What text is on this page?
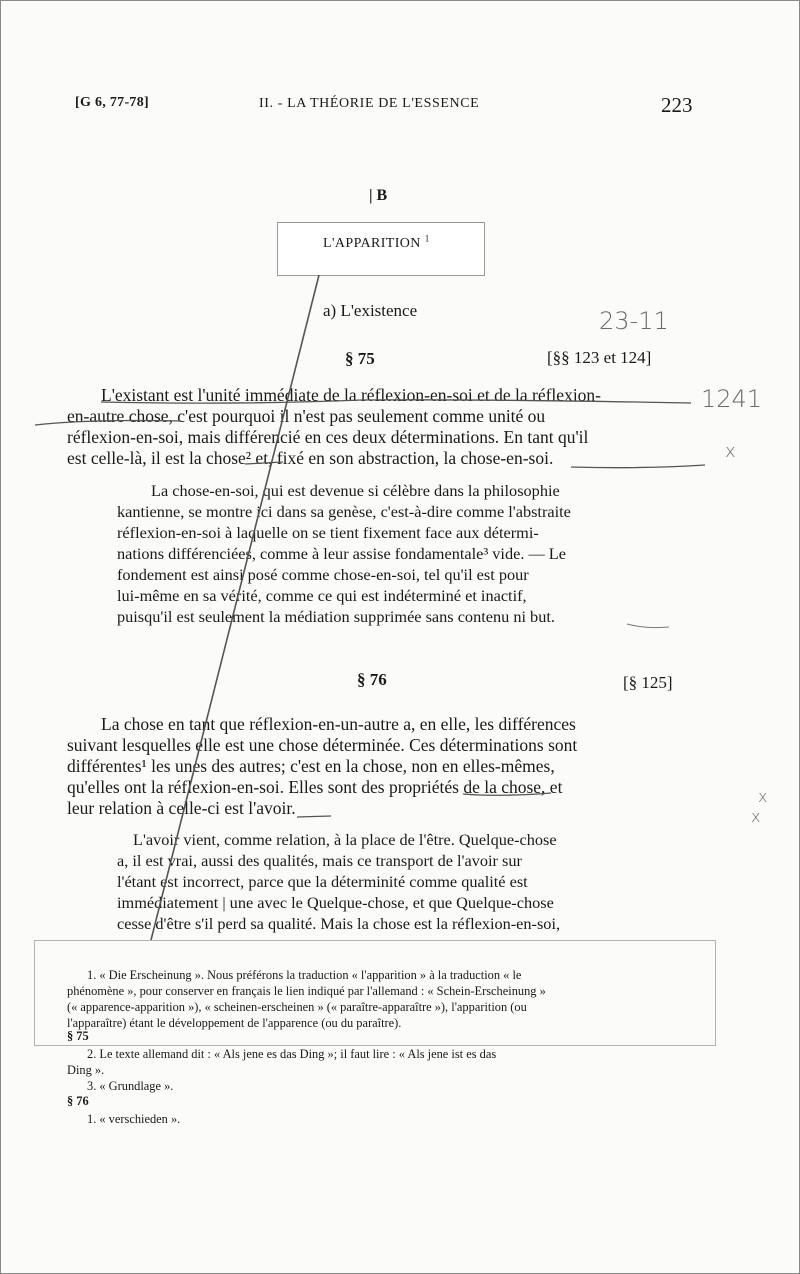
[G 6, 77-78]	II. - LA THÉORIE DE L'ESSENCE	223
| B
L'APPARITION $^1$
a) L'existence	23-11
1241
x
x
x
§ 75	[§§ 123 et 124]
L'existant est l'unité immédiate de la réflexion-en-soi et de la réflexion-
en-autre chose, c'est pourquoi il n'est pas seulement comme unité ou
réflexion-en-soi, mais différencié en ces deux déterminations. En tant qu'il
est celle-là, il est la chose² et, fixé en son abstraction, la chose-en-soi.
La chose-en-soi, qui est devenue si célèbre dans la philosophie
kantienne, se montre ici dans sa genèse, c'est-à-dire comme l'abstraite
réflexion-en-soi à laquelle on se tient fixement face aux détermi-
nations différenciées, comme à leur assise fondamentale³ vide. — Le
fondement est ainsi posé comme chose-en-soi, tel qu'il est pour
lui-même en sa vérité, comme ce qui est indéterminé et inactif,
puisqu'il est seulement la médiation supprimée sans contenu ni but.
§ 76	[§ 125]
La chose en tant que réflexion-en-un-autre a, en elle, les différences
suivant lesquelles elle est une chose déterminée. Ces déterminations sont
différentes¹ les unes des autres; c'est en la chose, non en elles-mêmes,
qu'elles ont la réflexion-en-soi. Elles sont des propriétés de la chose, et
leur relation à celle-ci est l'avoir.
L'avoir vient, comme relation, à la place de l'être. Quelque-chose
a, il est vrai, aussi des qualités, mais ce transport de l'avoir sur
l'étant est incorrect, parce que la déterminité comme qualité est
immédiatement | une avec le Quelque-chose, et que Quelque-chose
cesse d'être s'il perd sa qualité. Mais la chose est la réflexion-en-soi,
1. « Die Erscheinung ». Nous préférons la traduction « l'apparition » à la traduction « le
phénomène », pour conserver en français le lien indiqué par l'allemand : « Schein-Erscheinung »
(« apparence-apparition »), « scheinen-erscheinen » (« paraître-apparaître »), l'apparition (ou
l'apparaître) étant le développement de l'apparence (ou du paraître).
§ 75
2. Le texte allemand dit : « Als jene es das Ding »; il faut lire : « Als jene ist es das
Ding ».
3. « Grundlage ».
§ 76
1. « verschieden ».
